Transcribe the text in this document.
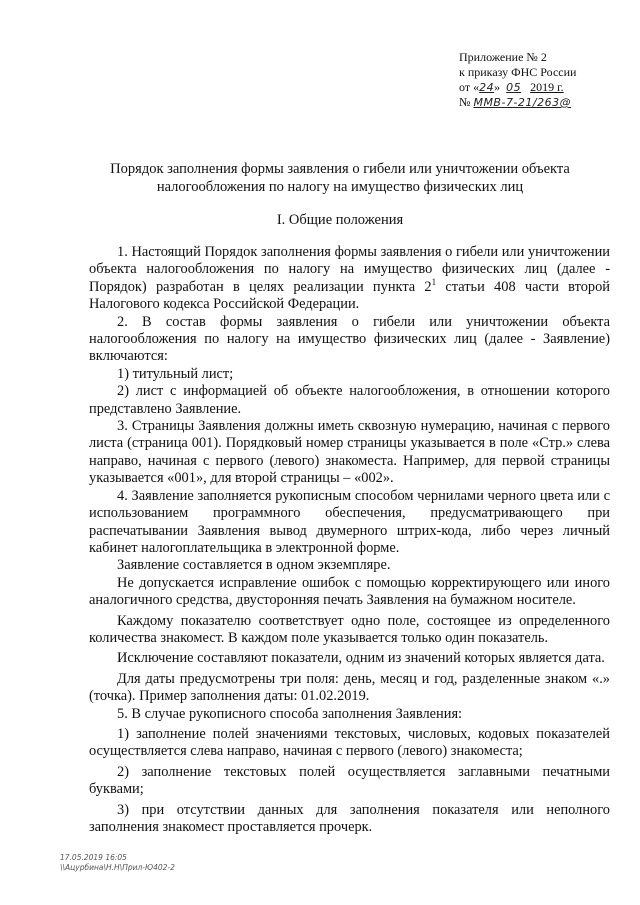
Приложение № 2
к приказу ФНС России
от «24» 05 2019 г.
№ ММВ-7-21/263@
Порядок заполнения формы заявления о гибели или уничтожении объекта налогообложения по налогу на имущество физических лиц
I. Общие положения

1. Настоящий Порядок заполнения формы заявления о гибели или уничтожении объекта налогообложения по налогу на имущество физических лиц (далее - Порядок) разработан в целях реализации пункта $2^1$ статьи 408 части второй Налогового кодекса Российской Федерации.

2. В состав формы заявления о гибели или уничтожении объекта налогообложения по налогу на имущество физических лиц (далее - Заявление) включаются:

1) титульный лист;

2) лист с информацией об объекте налогообложения, в отношении которого представлено Заявление.

3. Страницы Заявления должны иметь сквозную нумерацию, начиная с первого листа (страница 001). Порядковый номер страницы указывается в поле «Стр.» слева направо, начиная с первого (левого) знакоместа. Например, для первой страницы указывается «001», для второй страницы – «002».

4. Заявление заполняется рукописным способом чернилами черного цвета или с использованием программного обеспечения, предусматривающего при распечатывании Заявления вывод двумерного штрих-кода, либо через личный кабинет налогоплательщика в электронной форме.

Заявление составляется в одном экземпляре.

Не допускается исправление ошибок с помощью корректирующего или иного аналогичного средства, двусторонняя печать Заявления на бумажном носителе.

Каждому показателю соответствует одно поле, состоящее из определенного количества знакомест. В каждом поле указывается только один показатель.

Исключение составляют показатели, одним из значений которых является дата.

Для даты предусмотрены три поля: день, месяц и год, разделенные знаком «.» (точка). Пример заполнения даты: 01.02.2019.

5. В случае рукописного способа заполнения Заявления:

1) заполнение полей значениями текстовых, числовых, кодовых показателей осуществляется слева направо, начиная с первого (левого) знакоместа;

2) заполнение текстовых полей осуществляется заглавными печатными буквами;

3) при отсутствии данных для заполнения показателя или неполного заполнения знакомест проставляется прочерк.

17.05.2019 16:05
\\Ацурбина\Н.Н\Прил-Ю402-2
